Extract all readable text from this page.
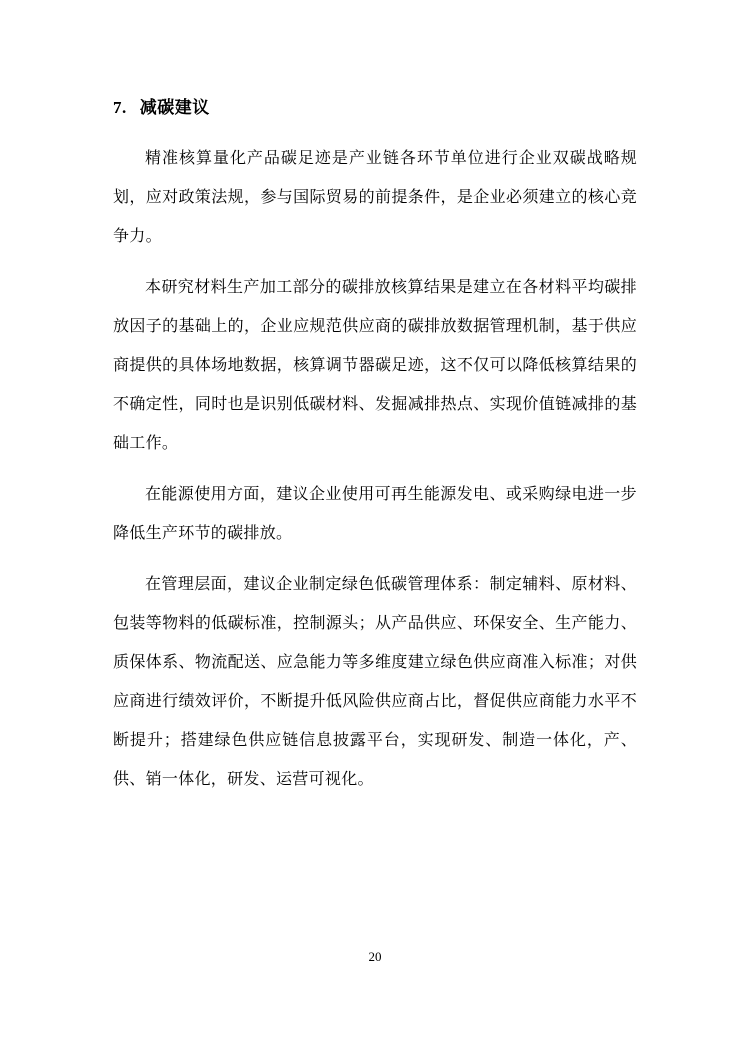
7. 减碳建议

精准核算量化产品碳足迹是产业链各环节单位进行企业双碳战略规划，应对政策法规，参与国际贸易的前提条件，是企业必须建立的核心竞争力。

本研究材料生产加工部分的碳排放核算结果是建立在各材料平均碳排放因子的基础上的，企业应规范供应商的碳排放数据管理机制，基于供应商提供的具体场地数据，核算调节器碳足迹，这不仅可以降低核算结果的不确定性，同时也是识别低碳材料、发掘减排热点、实现价值链减排的基础工作。

在能源使用方面，建议企业使用可再生能源发电、或采购绿电进一步降低生产环节的碳排放。

在管理层面，建议企业制定绿色低碳管理体系：制定辅料、原材料、包装等物料的低碳标准，控制源头；从产品供应、环保安全、生产能力、质保体系、物流配送、应急能力等多维度建立绿色供应商准入标准；对供应商进行绩效评价，不断提升低风险供应商占比，督促供应商能力水平不断提升；搭建绿色供应链信息披露平台，实现研发、制造一体化，产、供、销一体化，研发、运营可视化。

20
